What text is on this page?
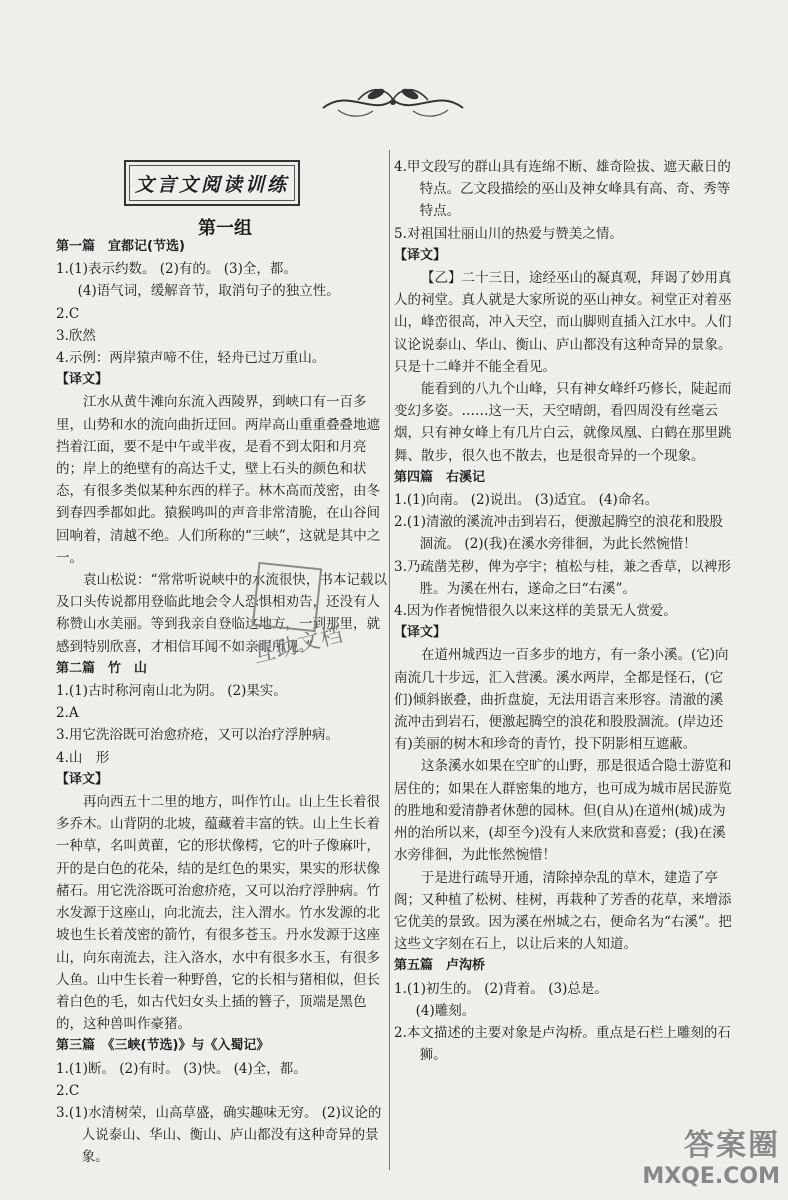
文言文阅读训练
第一组

第一篇　宜都记(节选)

1.(1)表示约数。 (2)有的。 (3)全，都。

(4)语气词，缓解音节，取消句子的独立性。

2.C

3.欣然

4.示例：两岸猿声啼不住，轻舟已过万重山。

【译文】

江水从黄牛滩向东流入西陵界，到峡口有一百多里，山势和水的流向曲折迂回。两岸高山重重叠叠地遮挡着江面，要不是中午或半夜，是看不到太阳和月亮的；岸上的绝壁有的高达千丈，壁上石头的颜色和状态，有很多类似某种东西的样子。林木高而茂密，由冬到春四季都如此。猿猴鸣叫的声音非常清脆，在山谷间回响着，清越不绝。人们所称的“三峡”，这就是其中之一。

袁山松说：“常常听说峡中的水流很快，书本记载以及口头传说都用登临此地会令人恐惧相劝告，还没有人称赞山水美丽。等到我亲自登临这地方，一到那里，就感到特别欣喜，才相信耳闻不如亲眼所见。”

第二篇　竹　山

1.(1)古时称河南山北为阴。 (2)果实。

2.A

3.用它洗浴既可治愈疥疮，又可以治疗浮肿病。

4.山　形

【译文】

再向西五十二里的地方，叫作竹山。山上生长着很多乔木。山背阴的北坡，蕴藏着丰富的铁。山上生长着一种草，名叫黄雚，它的形状像樗，它的叶子像麻叶，开的是白色的花朵，结的是红色的果实，果实的形状像赭石。用它洗浴既可治愈疥疮，又可以治疗浮肿病。竹水发源于这座山，向北流去，注入渭水。竹水发源的北坡也生长着茂密的箭竹，有很多苍玉。丹水发源于这座山，向东南流去，注入洛水，水中有很多水玉，有很多人鱼。山中生长着一种野兽，它的长相与猪相似，但长着白色的毛，如古代妇女头上插的簪子，顶端是黑色的，这种兽叫作豪猪。

第三篇　《三峡(节选)》与《入蜀记》

1.(1)断。 (2)有时。 (3)快。 (4)全，都。

2.C

3.(1)水清树荣，山高草盛，确实趣味无穷。 (2)议论的人说泰山、华山、衡山、庐山都没有这种奇异的景象。

4.甲文段写的群山具有连绵不断、雄奇险拔、遮天蔽日的特点。乙文段描绘的巫山及神女峰具有高、奇、秀等特点。

5.对祖国壮丽山川的热爱与赞美之情。

【译文】

【乙】二十三日，途经巫山的凝真观，拜谒了妙用真人的祠堂。真人就是大家所说的巫山神女。祠堂正对着巫山，峰峦很高，冲入天空，而山脚则直插入江水中。人们议论说泰山、华山、衡山、庐山都没有这种奇异的景象。只是十二峰并不能全看见。

能看到的八九个山峰，只有神女峰纤巧修长，陡起而变幻多姿。……这一天，天空晴朗，看四周没有丝毫云烟，只有神女峰上有几片白云，就像凤凰、白鹤在那里跳舞、散步，很久也不散去，也是很奇异的一个现象。

第四篇　右溪记

1.(1)向南。 (2)说出。 (3)适宜。 (4)命名。

2.(1)清澈的溪流冲击到岩石，便激起腾空的浪花和股股涸流。 (2)(我)在溪水旁徘徊，为此长然惋惜！

3.乃疏凿芜秽，俾为亭宇；植松与桂，兼之香草，以裨形胜。为溪在州右，遂命之曰“右溪”。

4.因为作者惋惜很久以来这样的美景无人赏爱。

【译文】

在道州城西边一百多步的地方，有一条小溪。(它)向南流几十步远，汇入营溪。溪水两岸，全都是怪石，(它们)倾斜嵌叠，曲折盘旋，无法用语言来形容。清澈的溪流冲击到岩石，便激起腾空的浪花和股股涸流。(岸边还有)美丽的树木和珍奇的青竹，投下阴影相互遮蔽。

这条溪水如果在空旷的山野，那是很适合隐士游览和居住的；如果在人群密集的地方，也可成为城市居民游览的胜地和爱清静者休憩的园林。但(自从)在道州(城)成为州的治所以来，(却至今)没有人来欣赏和喜爱；(我)在溪水旁徘徊，为此怅然惋惜！

于是进行疏导开通，清除掉杂乱的草木，建造了亭阁；又种植了松树、桂树，再栽种了芳香的花草，来增添它优美的景致。因为溪在州城之右，便命名为“右溪”。把这些文字刻在石上，以让后来的人知道。

第五篇　卢沟桥

1.(1)初生的。 (2)背着。 (3)总是。

(4)雕刻。

2.本文描述的主要对象是卢沟桥。重点是石栏上雕刻的石狮。

互助文档
答案圈
MXQE.COM
